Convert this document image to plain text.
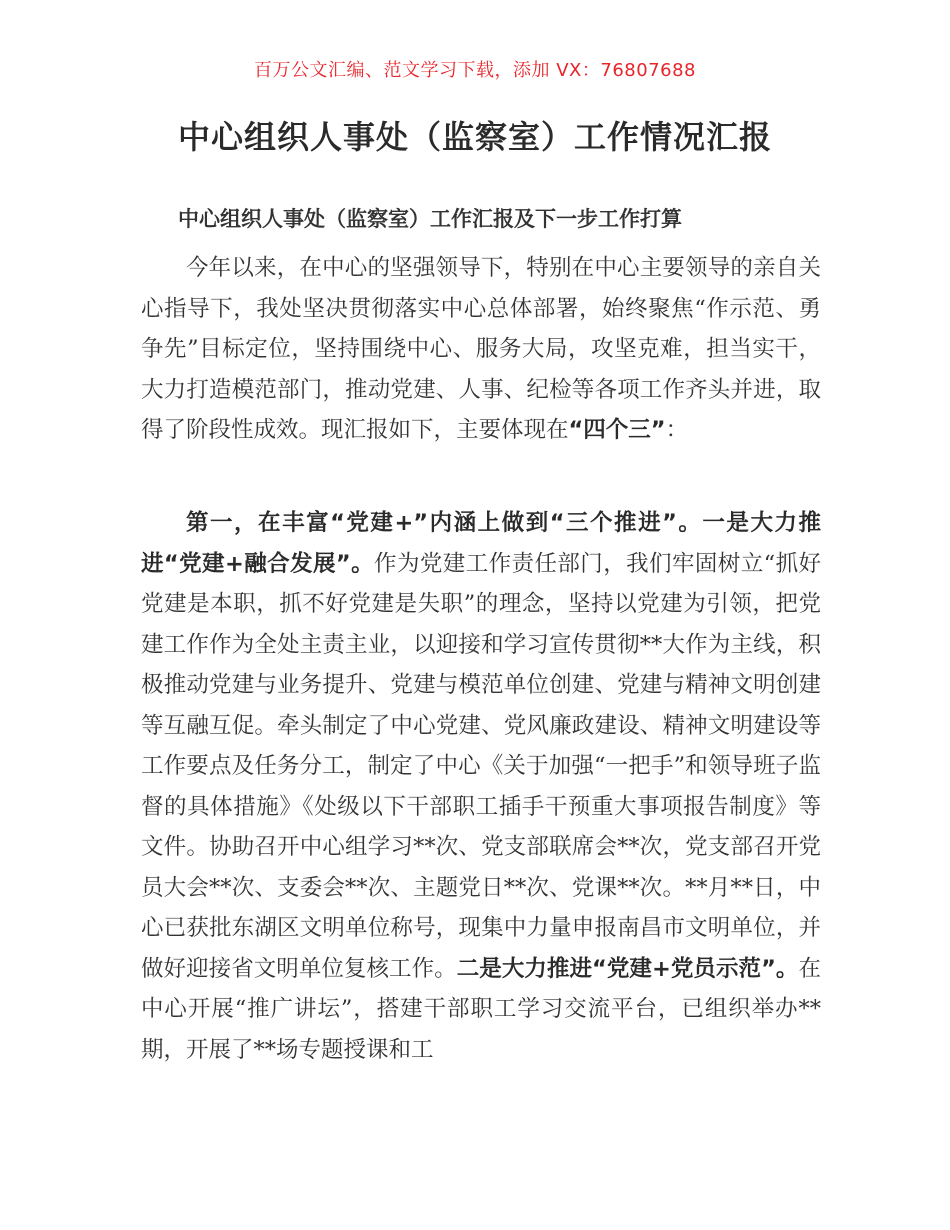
百万公文汇编、范文学习下载，添加 VX：76807688
中心组织人事处（监察室）工作情况汇报
中心组织人事处（监察室）工作汇报及下一步工作打算

今年以来，在中心的坚强领导下，特别在中心主要领导的亲自关心指导下，我处坚决贯彻落实中心总体部署，始终聚焦“作示范、勇争先”目标定位，坚持围绕中心、服务大局，攻坚克难，担当实干，大力打造模范部门，推动党建、人事、纪检等各项工作齐头并进，取得了阶段性成效。现汇报如下，主要体现在“四个三”：

第一，在丰富“党建+”内涵上做到“三个推进”。一是大力推进“党建+融合发展”。作为党建工作责任部门，我们牢固树立“抓好党建是本职，抓不好党建是失职”的理念，坚持以党建为引领，把党建工作作为全处主责主业，以迎接和学习宣传贯彻**大作为主线，积极推动党建与业务提升、党建与模范单位创建、党建与精神文明创建等互融互促。牵头制定了中心党建、党风廉政建设、精神文明建设等工作要点及任务分工，制定了中心《关于加强“一把手”和领导班子监督的具体措施》《处级以下干部职工插手干预重大事项报告制度》等文件。协助召开中心组学习**次、党支部联席会**次，党支部召开党员大会**次、支委会**次、主题党日**次、党课**次。**月**日，中心已获批东湖区文明单位称号，现集中力量申报南昌市文明单位，并做好迎接省文明单位复核工作。二是大力推进“党建+党员示范”。在中心开展“推广讲坛”，搭建干部职工学习交流平台，已组织举办**期，开展了**场专题授课和工
